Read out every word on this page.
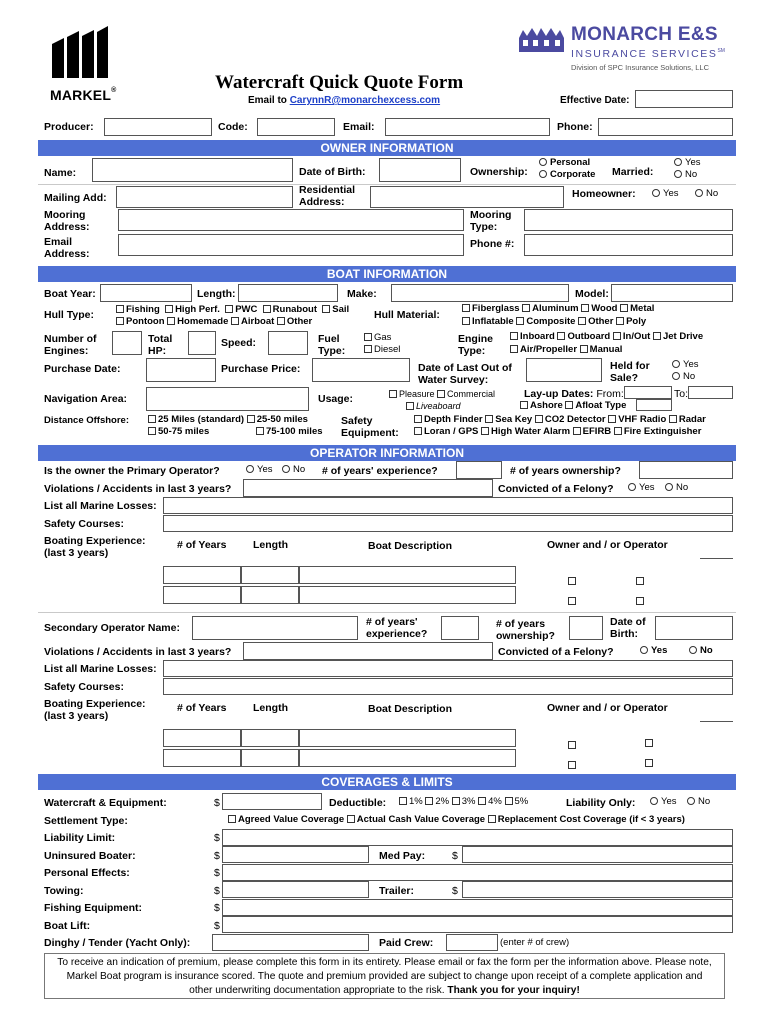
MARKEL®	Watercraft Quick Quote Form
Email to CarynnR@monarchexcess.com	Effective Date:
MONARCH E&S
INSURANCE SERVICES℠
Division of SPC Insurance Solutions, LLC
Producer:	Code:	Email:	Phone:
OWNER INFORMATION
Name:	Date of Birth:	Ownership:
Personal
Corporate Married:
Yes
No
Mailing Add:
Residential Address:
Homeowner:	Yes	No
Mooring Address:
Mooring Type:
Email Address:
Phone #:
BOAT INFORMATION
Boat Year:	Length:	Make:	Model:
Hull Type:	Fishing High Perf. PWC Runabout Sail
Pontoon Homemade Airboat Other
Hull Material:
Fiberglass Aluminum Wood Metal
Inflatable Composite Other Poly
Number of Engines:
Total HP:
Speed:	Fuel Type:
Gas
Diesel
Engine Type:
Inboard Outboard In/Out Jet Drive
Air/Propeller Manual
Purchase Date:	Purchase Price:	Date of Last Out of Water Survey:
Held for Sale?
Yes
No
Navigation Area:	Usage:	Pleasure Commercial
Liveaboard
Lay-up Dates: From:	To:
Ashore Afloat Type
Distance Offshore:	25 Miles (standard) 25-50 miles
50-75 miles	75-100 miles
Safety Equipment:
Depth Finder Sea Key CO2 Detector VHF Radio Radar
Loran / GPS High Water Alarm EFIRB Fire Extinguisher
OPERATOR INFORMATION
Is the owner the Primary Operator?	Yes	No # of years' experience?	# of years ownership?
Violations / Accidents in last 3 years?	Convicted of a Felony?	Yes	No
List all Marine Losses:
Safety Courses:
Boating Experience: (last 3 years)
# of Years	Length	Boat Description	Owner and / or Operator
Secondary Operator Name:	# of years' experience?
# of years ownership?
Date of Birth:
Violations / Accidents in last 3 years?	Convicted of a Felony?	Yes	No
List all Marine Losses:
Safety Courses:
Boating Experience: (last 3 years)
# of Years	Length	Boat Description	Owner and / or Operator
COVERAGES & LIMITS
Watercraft & Equipment:	$	Deductible:	1% 2% 3% 4% 5%	Liability Only:	Yes	No
Settlement Type:	Agreed Value Coverage Actual Cash Value Coverage Replacement Cost Coverage (if < 3 years)
Liability Limit:	$
Uninsured Boater:	$	Med Pay:	$
Personal Effects:	$
Towing:	$	Trailer:	$
Fishing Equipment:	$
Boat Lift:	$
Dinghy / Tender (Yacht Only):	Paid Crew:	(enter # of crew)
To receive an indication of premium, please complete this form in its entirety. Please email or fax the form per the information above. Please note, Markel Boat program is insurance scored. The quote and premium provided are subject to change upon receipt of a complete application and other underwriting documentation appropriate to the risk. Thank you for your inquiry!
